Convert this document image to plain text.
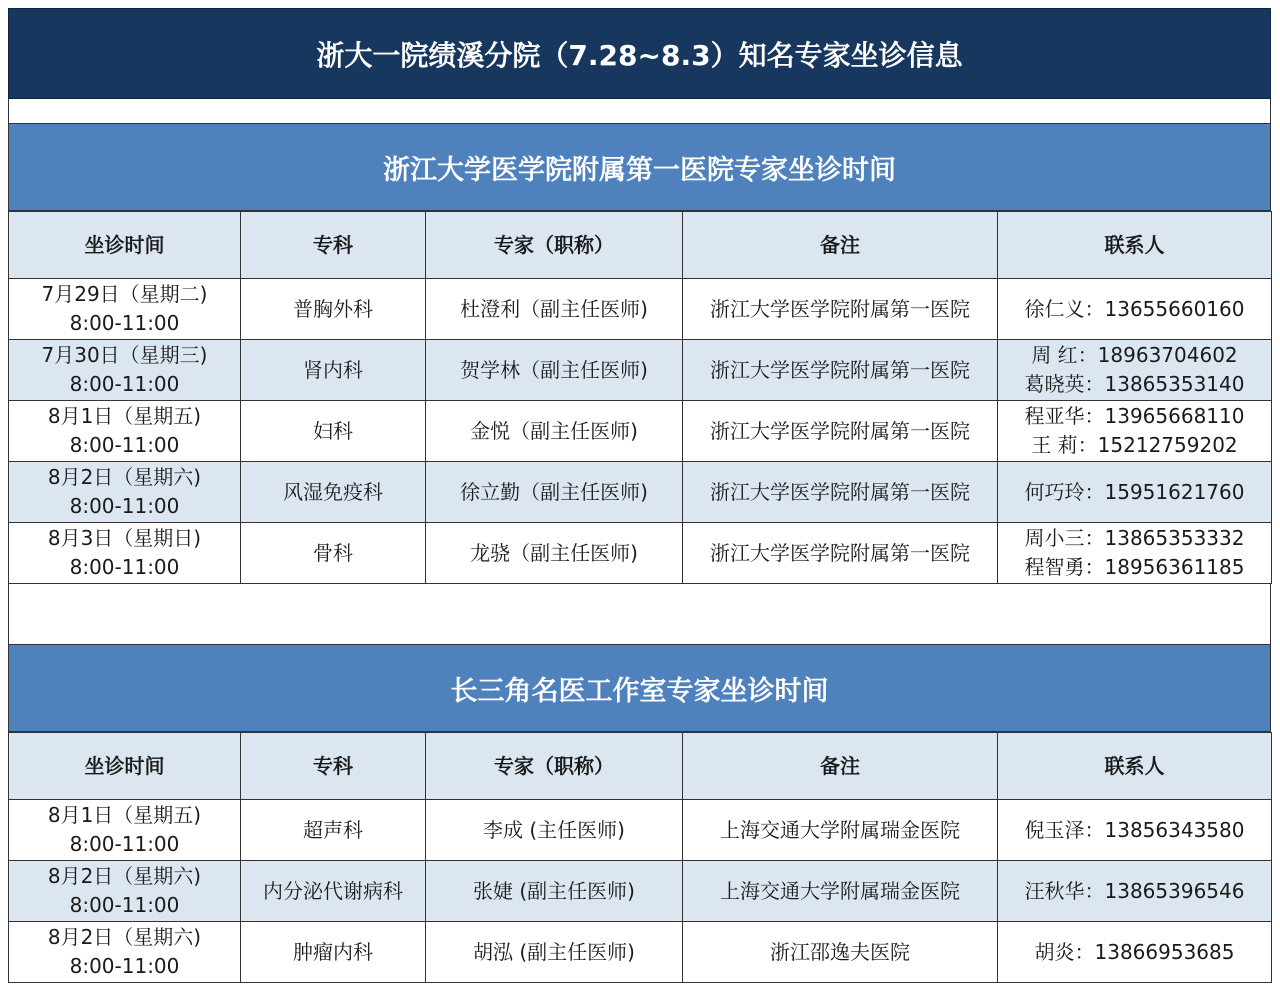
浙大一院绩溪分院（7.28~8.3）知名专家坐诊信息
浙江大学医学院附属第一医院专家坐诊时间
坐诊时间	专科	专家（职称）	备注	联系人

7月29日（星期二)
8:00-11:00	普胸外科	杜澄利（副主任医师)	浙江大学医学院附属第一医院	徐仁义：13655660160

7月30日（星期三)
8:00-11:00	肾内科	贺学林（副主任医师)	浙江大学医学院附属第一医院	周 红：18963704602
葛晓英：13865353140

8月1日（星期五)
8:00-11:00	妇科	金悦（副主任医师)	浙江大学医学院附属第一医院	程亚华：13965668110
王 莉：15212759202

8月2日（星期六)
8:00-11:00	风湿免疫科	徐立勤（副主任医师)	浙江大学医学院附属第一医院	何巧玲：15951621760

8月3日（星期日)
8:00-11:00	骨科	龙骁（副主任医师)	浙江大学医学院附属第一医院	周小三：13865353332
程智勇：18956361185
长三角名医工作室专家坐诊时间
坐诊时间	专科	专家（职称）	备注	联系人

8月1日（星期五)
8:00-11:00	超声科	李成 (主任医师)	上海交通大学附属瑞金医院	倪玉泽：13856343580

8月2日（星期六)
8:00-11:00	内分泌代谢病科	张婕 (副主任医师)	上海交通大学附属瑞金医院	汪秋华：13865396546

8月2日（星期六)
8:00-11:00	肿瘤内科	胡泓 (副主任医师)	浙江邵逸夫医院	胡炎：13866953685
